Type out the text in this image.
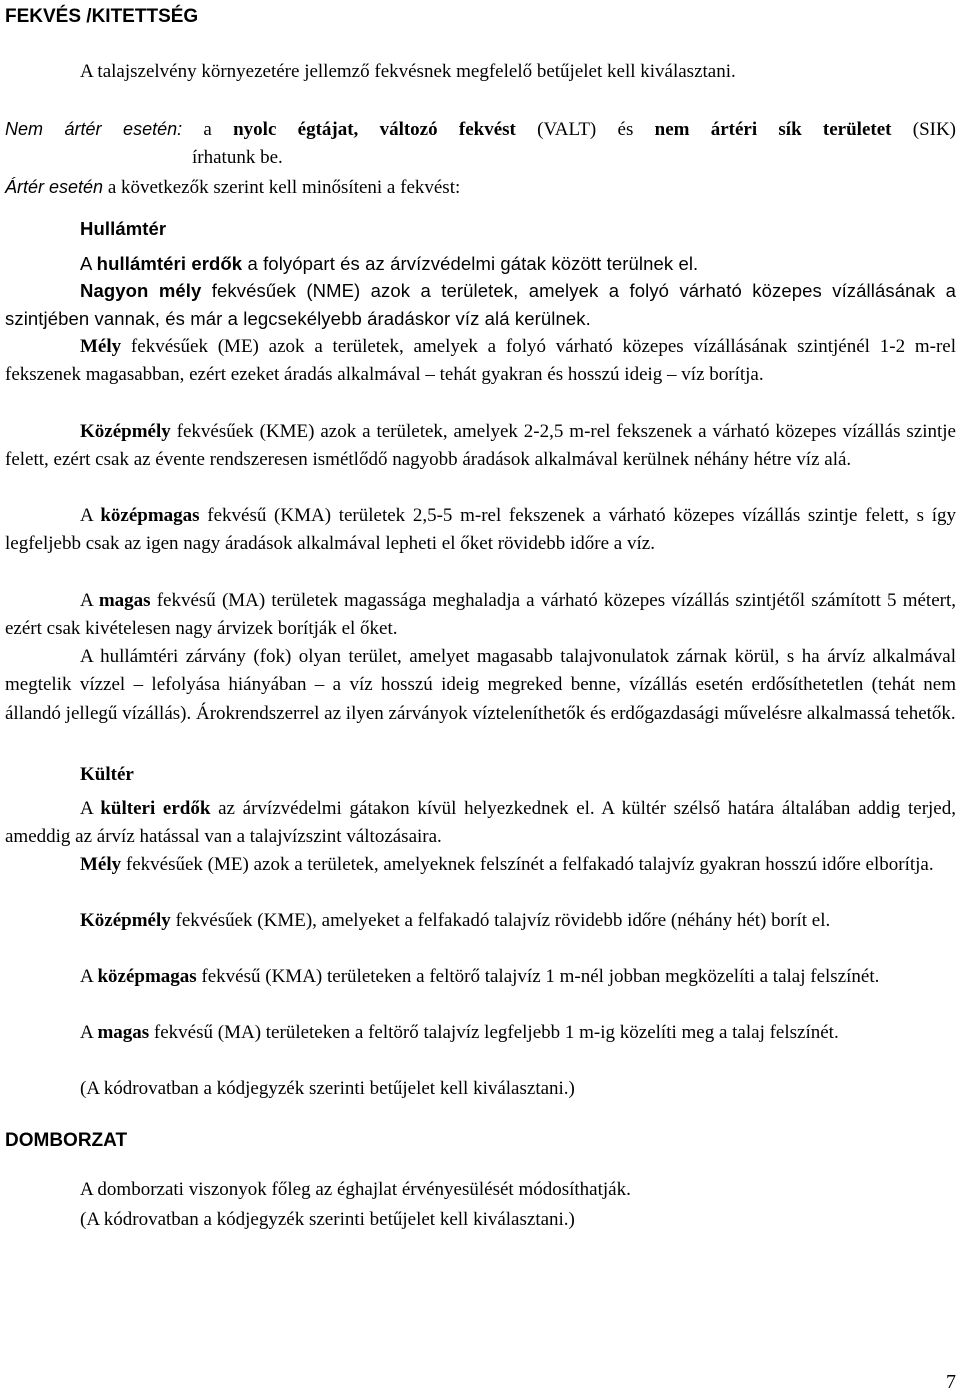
FEKVÉS /KITETTSÉG

A talajszelvény környezetére jellemző fekvésnek megfelelő betűjelet kell kiválasztani.

Nem ártér esetén: a nyolc égtájat, változó fekvést (VALT) és nem ártéri sík területet (SIK)

írhatunk be.

Ártér esetén a következők szerint kell minősíteni a fekvést:

Hullámtér

A hullámtéri erdők a folyópart és az árvízvédelmi gátak között terülnek el.

Nagyon mély fekvésűek (NME) azok a területek, amelyek a folyó várható közepes vízállásának a szintjében vannak, és már a legcsekélyebb áradáskor víz alá kerülnek.

Mély fekvésűek (ME) azok a területek, amelyek a folyó várható közepes vízállásának szintjénél 1-2 m-rel fekszenek magasabban, ezért ezeket áradás alkalmával – tehát gyakran és hosszú ideig – víz borítja.

Középmély fekvésűek (KME) azok a területek, amelyek 2-2,5 m-rel fekszenek a várható közepes vízállás szintje felett, ezért csak az évente rendszeresen ismétlődő nagyobb áradások alkalmával kerülnek néhány hétre víz alá.

A középmagas fekvésű (KMA) területek 2,5-5 m-rel fekszenek a várható közepes vízállás szintje felett, s így legfeljebb csak az igen nagy áradások alkalmával lepheti el őket rövidebb időre a víz.

A magas fekvésű (MA) területek magassága meghaladja a várható közepes vízállás szintjétől számított 5 métert, ezért csak kivételesen nagy árvizek borítják el őket.

A hullámtéri zárvány (fok) olyan terület, amelyet magasabb talajvonulatok zárnak körül, s ha árvíz alkalmával megtelik vízzel – lefolyása hiányában – a víz hosszú ideig megreked benne, vízállás esetén erdősíthetetlen (tehát nem állandó jellegű vízállás). Árokrendszerrel az ilyen zárványok vízteleníthetők és erdőgazdasági művelésre alkalmassá tehetők.

Kültér

A külteri erdők az árvízvédelmi gátakon kívül helyezkednek el. A kültér szélső határa általában addig terjed, ameddig az árvíz hatással van a talajvízszint változásaira.

Mély fekvésűek (ME) azok a területek, amelyeknek felszínét a felfakadó talajvíz gyakran hosszú időre elborítja.

Középmély fekvésűek (KME), amelyeket a felfakadó talajvíz rövidebb időre (néhány hét) borít el.

A középmagas fekvésű (KMA) területeken a feltörő talajvíz 1 m-nél jobban megközelíti a talaj felszínét.

A magas fekvésű (MA) területeken a feltörő talajvíz legfeljebb 1 m-ig közelíti meg a talaj felszínét.

(A kódrovatban a kódjegyzék szerinti betűjelet kell kiválasztani.)

DOMBORZAT

A domborzati viszonyok főleg az éghajlat érvényesülését módosíthatják.

(A kódrovatban a kódjegyzék szerinti betűjelet kell kiválasztani.)

7
